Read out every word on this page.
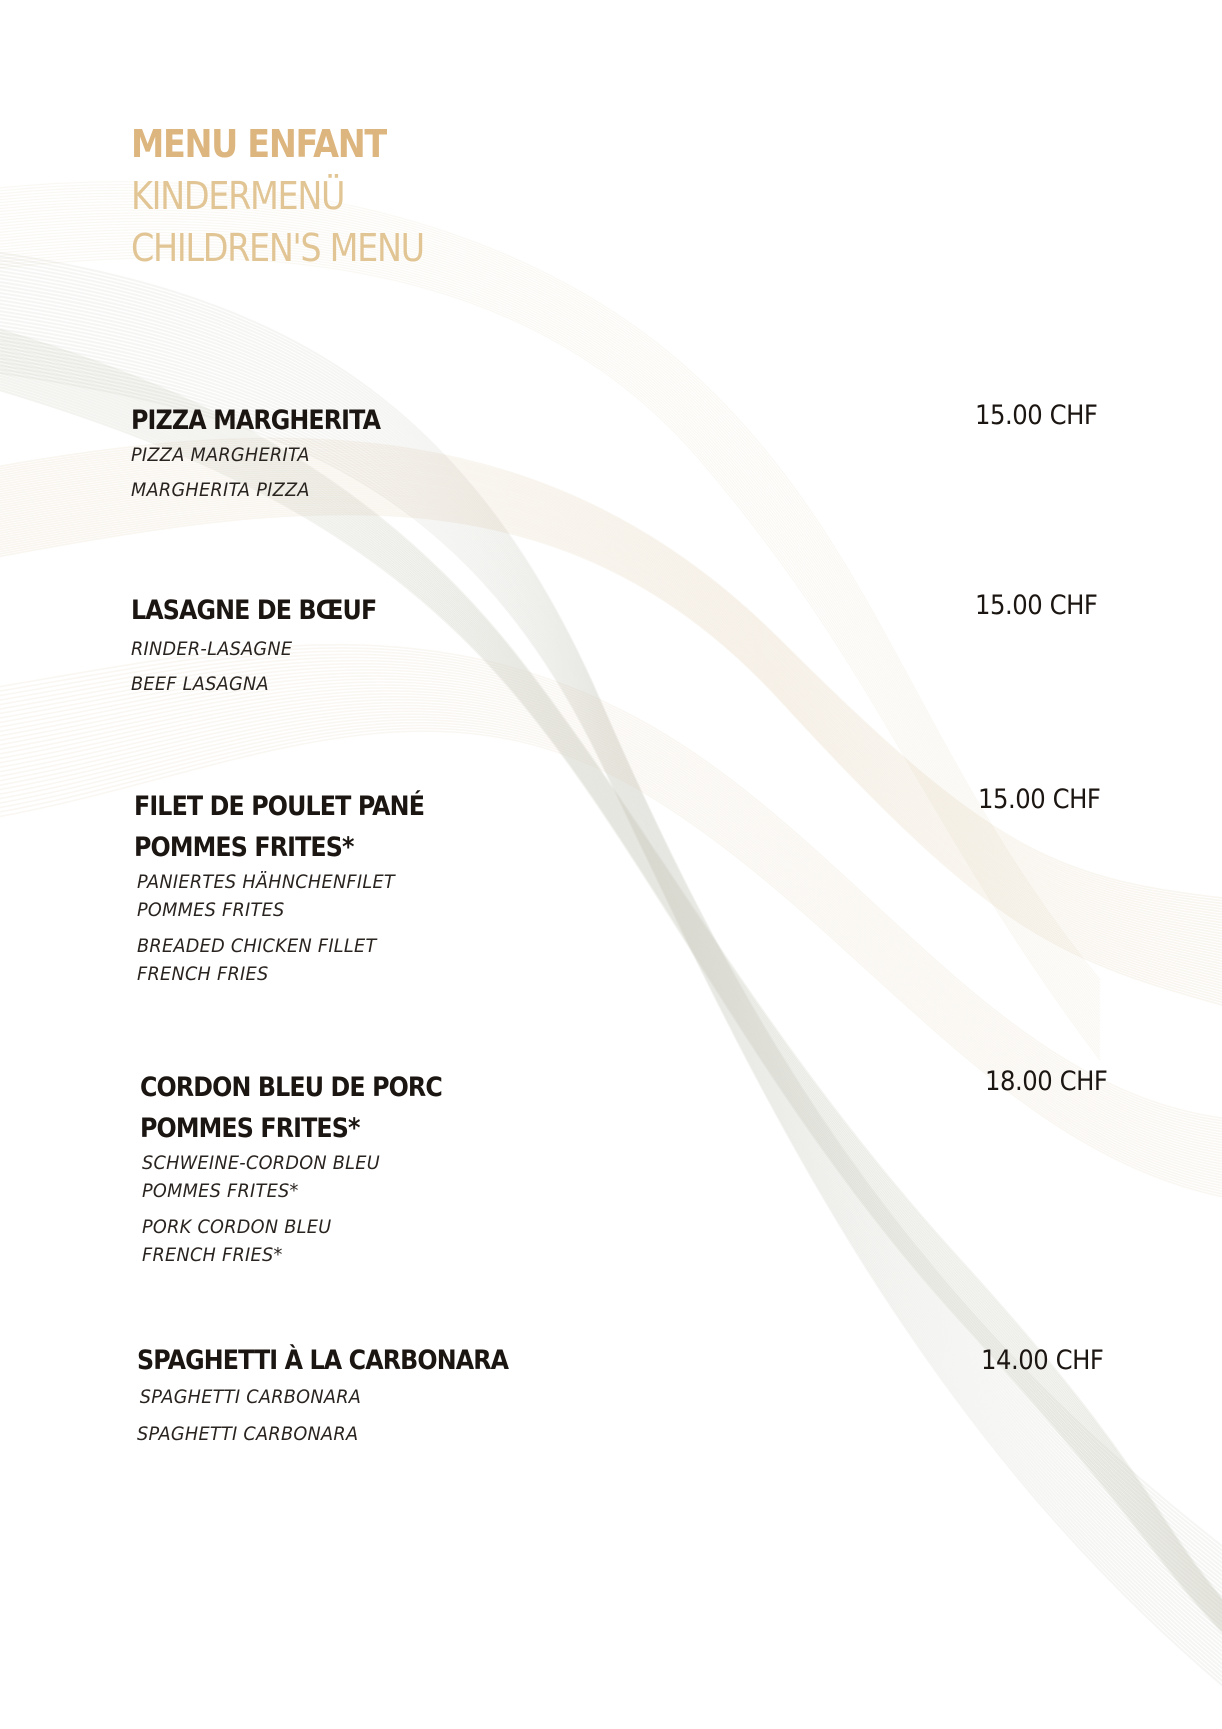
MENU ENFANT
KINDERMENÜ
CHILDREN'S MENU
PIZZA MARGHERITA
PIZZA MARGHERITA
MARGHERITA PIZZA
15.00 CHF
LASAGNE DE BŒUF
RINDER-LASAGNE
BEEF LASAGNA
15.00 CHF
FILET DE POULET PANÉ
POMMES FRITES*
PANIERTES HÄHNCHENFILET
POMMES FRITES
BREADED CHICKEN FILLET
FRENCH FRIES
15.00 CHF
CORDON BLEU DE PORC
POMMES FRITES*
SCHWEINE-CORDON BLEU
POMMES FRITES*
PORK CORDON BLEU
FRENCH FRIES*
18.00 CHF
SPAGHETTI À LA CARBONARA
SPAGHETTI CARBONARA
SPAGHETTI CARBONARA
14.00 CHF
